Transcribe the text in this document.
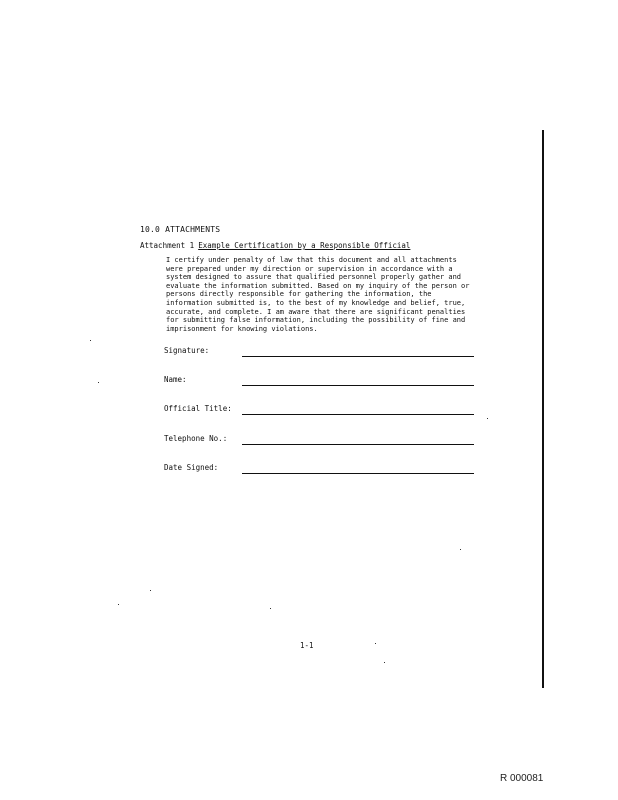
10.0 ATTACHMENTS
Attachment 1 Example Certification by a Responsible Official

I certify under penalty of law that this document and all attachments were prepared under my direction or supervision in accordance with a system designed to assure that qualified personnel properly gather and evaluate the information submitted. Based on my inquiry of the person or persons directly responsible for gathering the information, the information submitted is, to the best of my knowledge and belief, true, accurate, and complete. I am aware that there are significant penalties for submitting false information, including the possibility of fine and imprisonment for knowing violations.

Signature:
Name:
Official Title:
Telephone No.:
Date Signed:
1-1
R 000081
